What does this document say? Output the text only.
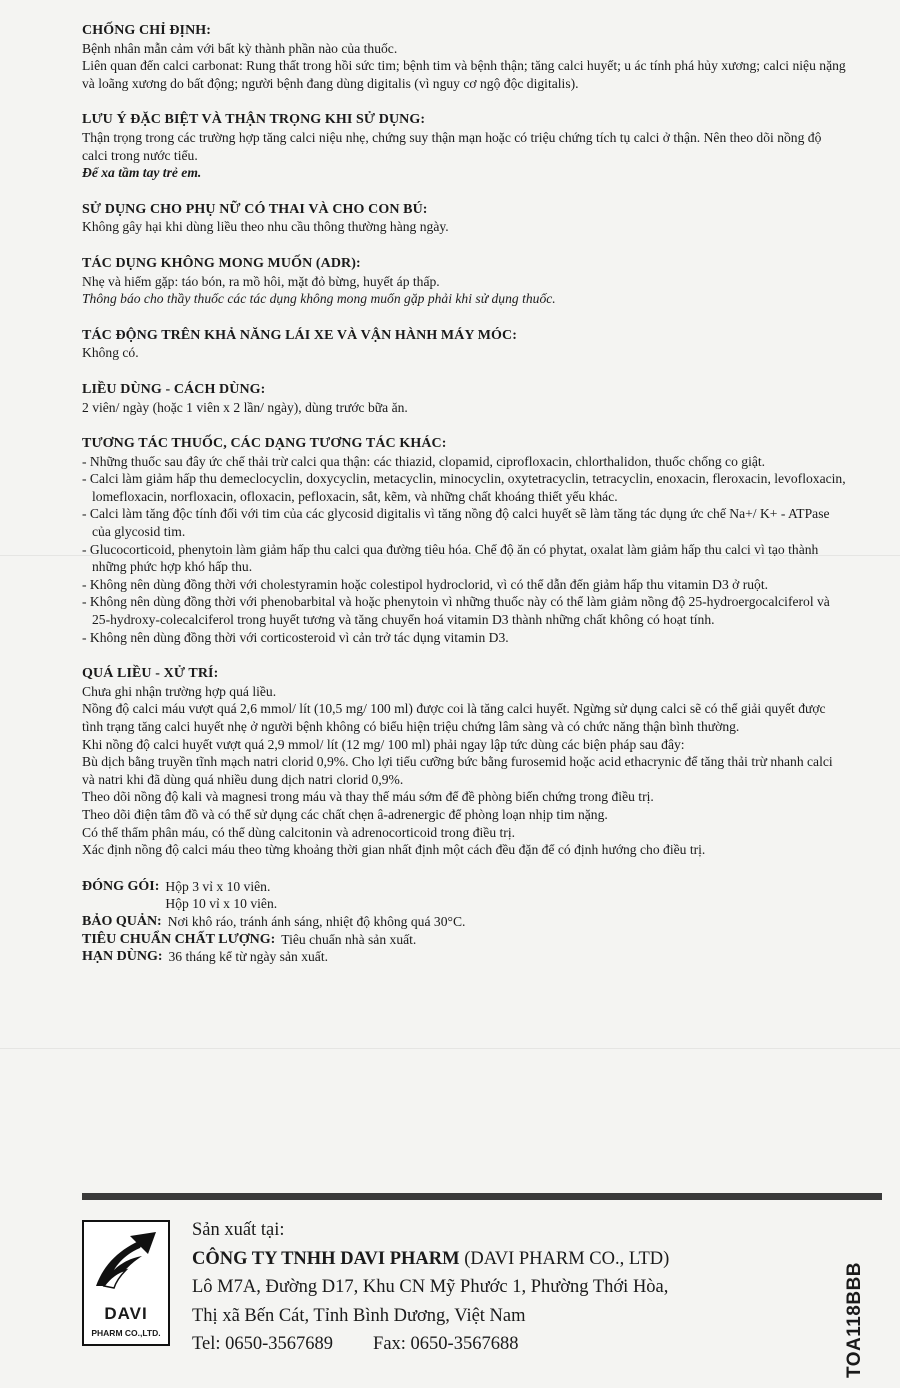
CHỐNG CHỈ ĐỊNH:

Bệnh nhân mẫn cảm với bất kỳ thành phần nào của thuốc.

Liên quan đến calci carbonat: Rung thất trong hồi sức tim; bệnh tim và bệnh thận; tăng calci huyết; u ác tính phá hủy xương; calci niệu nặng và loãng xương do bất động; người bệnh đang dùng digitalis (vì nguy cơ ngộ độc digitalis).

LƯU Ý ĐẶC BIỆT VÀ THẬN TRỌNG KHI SỬ DỤNG:

Thận trọng trong các trường hợp tăng calci niệu nhẹ, chứng suy thận mạn hoặc có triệu chứng tích tụ calci ở thận. Nên theo dõi nồng độ calci trong nước tiểu.

Để xa tầm tay trẻ em.

SỬ DỤNG CHO PHỤ NỮ CÓ THAI VÀ CHO CON BÚ:

Không gây hại khi dùng liều theo nhu cầu thông thường hàng ngày.

TÁC DỤNG KHÔNG MONG MUỐN (ADR):

Nhẹ và hiếm gặp: táo bón, ra mồ hôi, mặt đỏ bừng, huyết áp thấp.

Thông báo cho thầy thuốc các tác dụng không mong muốn gặp phải khi sử dụng thuốc.

TÁC ĐỘNG TRÊN KHẢ NĂNG LÁI XE VÀ VẬN HÀNH MÁY MÓC:

Không có.

LIỀU DÙNG - CÁCH DÙNG:

2 viên/ ngày (hoặc 1 viên x 2 lần/ ngày), dùng trước bữa ăn.

TƯƠNG TÁC THUỐC, CÁC DẠNG TƯƠNG TÁC KHÁC:

- Những thuốc sau đây ức chế thải trừ calci qua thận: các thiazid, clopamid, ciprofloxacin, chlorthalidon, thuốc chống co giật.

- Calci làm giảm hấp thu demeclocyclin, doxycyclin, metacyclin, minocyclin, oxytetracyclin, tetracyclin, enoxacin, fleroxacin, levofloxacin, lomefloxacin, norfloxacin, ofloxacin, pefloxacin, sắt, kẽm, và những chất khoáng thiết yếu khác.

- Calci làm tăng độc tính đối với tim của các glycosid digitalis vì tăng nồng độ calci huyết sẽ làm tăng tác dụng ức chế Na+/ K+ - ATPase của glycosid tim.

- Glucocorticoid, phenytoin làm giảm hấp thu calci qua đường tiêu hóa. Chế độ ăn có phytat, oxalat làm giảm hấp thu calci vì tạo thành những phức hợp khó hấp thu.

- Không nên dùng đồng thời với cholestyramin hoặc colestipol hydroclorid, vì có thể dẫn đến giảm hấp thu vitamin D3 ở ruột.

- Không nên dùng đồng thời với phenobarbital và hoặc phenytoin vì những thuốc này có thể làm giảm nồng độ 25-hydroergocalciferol và 25-hydroxy-colecalciferol trong huyết tương và tăng chuyển hoá vitamin D3 thành những chất không có hoạt tính.

- Không nên dùng đồng thời với corticosteroid vì cản trở tác dụng vitamin D3.

QUÁ LIỀU - XỬ TRÍ:

Chưa ghi nhận trường hợp quá liều.

Nồng độ calci máu vượt quá 2,6 mmol/ lít (10,5 mg/ 100 ml) được coi là tăng calci huyết. Ngừng sử dụng calci sẽ có thể giải quyết được tình trạng tăng calci huyết nhẹ ở người bệnh không có biểu hiện triệu chứng lâm sàng và có chức năng thận bình thường.

Khi nồng độ calci huyết vượt quá 2,9 mmol/ lít (12 mg/ 100 ml) phải ngay lập tức dùng các biện pháp sau đây:

Bù dịch bằng truyền tĩnh mạch natri clorid 0,9%. Cho lợi tiểu cưỡng bức bằng furosemid hoặc acid ethacrynic để tăng thải trừ nhanh calci và natri khi đã dùng quá nhiều dung dịch natri clorid 0,9%.

Theo dõi nồng độ kali và magnesi trong máu và thay thế máu sớm để đề phòng biến chứng trong điều trị.

Theo dõi điện tâm đồ và có thể sử dụng các chất chẹn â-adrenergic để phòng loạn nhịp tim nặng.

Có thể thẩm phân máu, có thể dùng calcitonin và adrenocorticoid trong điều trị.

Xác định nồng độ calci máu theo từng khoảng thời gian nhất định một cách đều đặn để có định hướng cho điều trị.

ĐÓNG GÓI: Hộp 3 vỉ x 10 viên.
Hộp 10 vỉ x 10 viên.
BẢO QUẢN: Nơi khô ráo, tránh ánh sáng, nhiệt độ không quá 30°C.
TIÊU CHUẨN CHẤT LƯỢNG: Tiêu chuẩn nhà sản xuất.
HẠN DÙNG: 36 tháng kể từ ngày sản xuất.
DAVI
PHARM CO.,LTD.
Sản xuất tại:
CÔNG TY TNHH DAVI PHARM (DAVI PHARM CO., LTD)
Lô M7A, Đường D17, Khu CN Mỹ Phước 1, Phường Thới Hòa,
Thị xã Bến Cát, Tỉnh Bình Dương, Việt Nam
Tel: 0650-3567689 Fax: 0650-3567688	TOA118BBB
